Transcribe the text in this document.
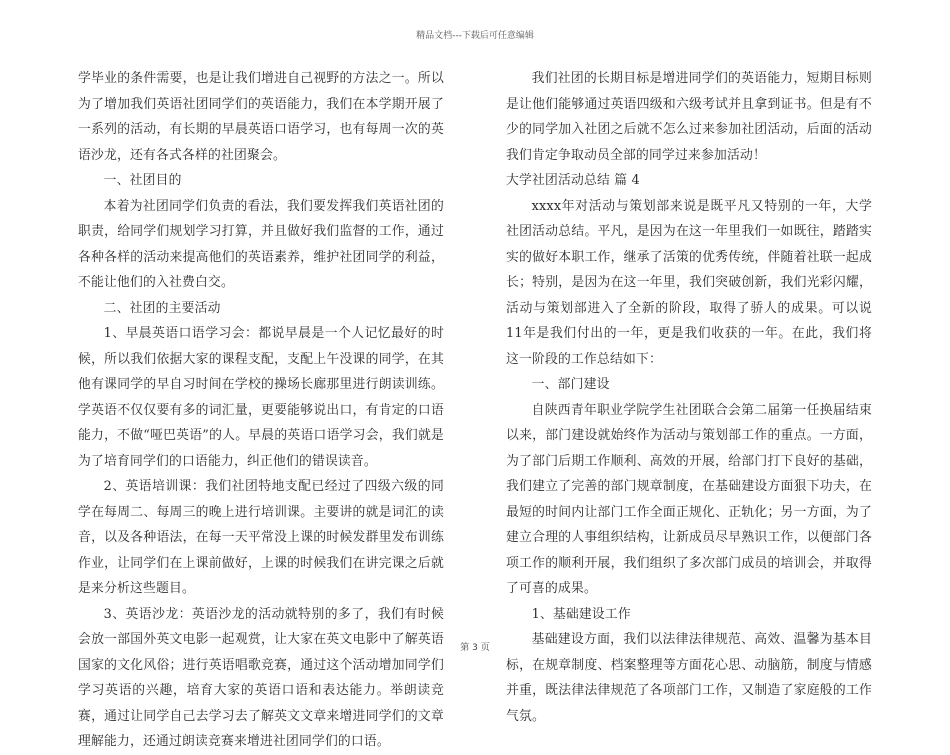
精品文档---下载后可任意编辑

学毕业的条件需要，也是让我们增进自己视野的方法之一。所以为了增加我们英语社团同学们的英语能力，我们在本学期开展了一系列的活动，有长期的早晨英语口语学习，也有每周一次的英语沙龙，还有各式各样的社团聚会。

一、社团目的

本着为社团同学们负责的看法，我们要发挥我们英语社团的职责，给同学们规划学习打算，并且做好我们监督的工作，通过各种各样的活动来提高他们的英语素养，维护社团同学的利益，不能让他们的入社费白交。

二、社团的主要活动

1、早晨英语口语学习会：都说早晨是一个人记忆最好的时候，所以我们依据大家的课程支配，支配上午没课的同学，在其他有课同学的早自习时间在学校的操场长廊那里进行朗读训练。学英语不仅仅要有多的词汇量，更要能够说出口，有肯定的口语能力，不做“哑巴英语”的人。早晨的英语口语学习会，我们就是为了培育同学们的口语能力，纠正他们的错误读音。

2、英语培训课：我们社团特地支配已经过了四级六级的同学在每周二、每周三的晚上进行培训课。主要讲的就是词汇的读音，以及各种语法，在每一天平常没上课的时候发群里发布训练作业，让同学们在上课前做好，上课的时候我们在讲完课之后就是来分析这些题目。

3、英语沙龙：英语沙龙的活动就特别的多了，我们有时候会放一部国外英文电影一起观赏，让大家在英文电影中了解英语国家的文化风俗；进行英语唱歌竞赛，通过这个活动增加同学们学习英语的兴趣，培育大家的英语口语和表达能力。举朗读竞赛，通过让同学自己去学习去了解英文文章来增进同学们的文章理解能力，还通过朗读竞赛来增进社团同学们的口语。

我们社团的长期目标是增进同学们的英语能力，短期目标则是让他们能够通过英语四级和六级考试并且拿到证书。但是有不少的同学加入社团之后就不怎么过来参加社团活动，后面的活动我们肯定争取动员全部的同学过来参加活动！

大学社团活动总结 篇 4

xxxx年对活动与策划部来说是既平凡又特别的一年，大学社团活动总结。平凡，是因为在这一年里我们一如既往，踏踏实实的做好本职工作，继承了活策的优秀传统，伴随着社联一起成长；特别，是因为在这一年里，我们突破创新，我们光彩闪耀，活动与策划部进入了全新的阶段，取得了骄人的成果。可以说11年是我们付出的一年，更是我们收获的一年。在此，我们将这一阶段的工作总结如下：

一、部门建设

自陕西青年职业学院学生社团联合会第二届第一任换届结束以来，部门建设就始终作为活动与策划部工作的重点。一方面，为了部门后期工作顺利、高效的开展，给部门打下良好的基础，我们建立了完善的部门规章制度，在基础建设方面狠下功夫，在最短的时间内让部门工作全面正规化、正轨化；另一方面，为了建立合理的人事组织结构，让新成员尽早熟识工作，以便部门各项工作的顺利开展，我们组织了多次部门成员的培训会，并取得了可喜的成果。

1、基础建设工作

基础建设方面，我们以法律法律规范、高效、温馨为基本目标，在规章制度、档案整理等方面花心思、动脑筋，制度与情感并重，既法律法律规范了各项部门工作，又制造了家庭般的工作气氛。

第 3 页
